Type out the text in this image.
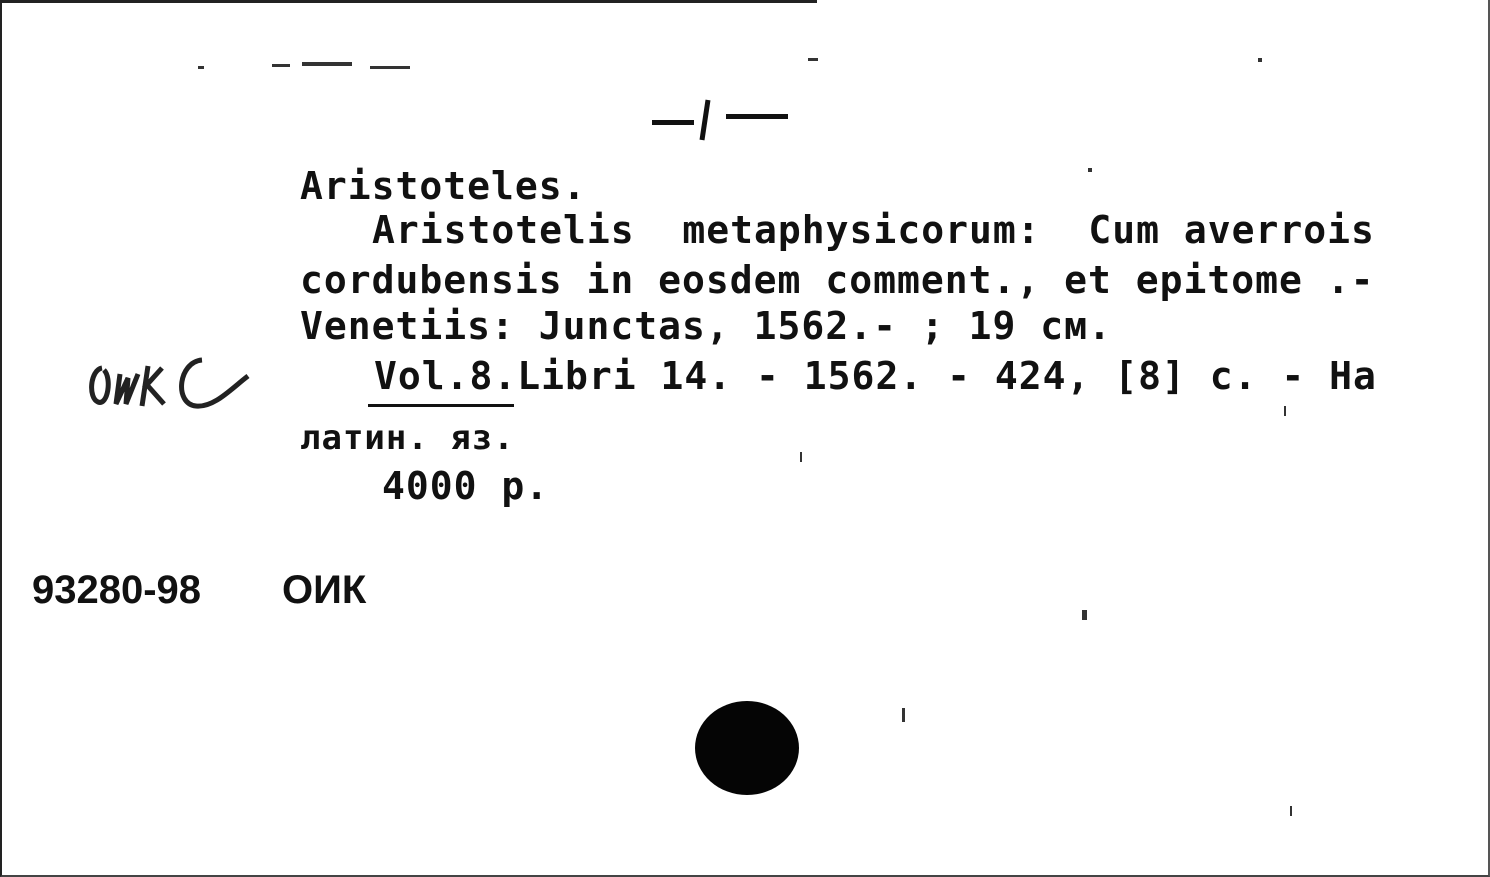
Aristoteles.
Aristotelis  metaphysicorum:  Cum averrois
cordubensis in eosdem comment., et epitome .-
Venetiis: Junctas, 1562.- ; 19 см.
Vol.8.Libri 14. - 1562. - 424, [8] с. - На
латин. яз.
4000 р.
93280-98 ОИК
